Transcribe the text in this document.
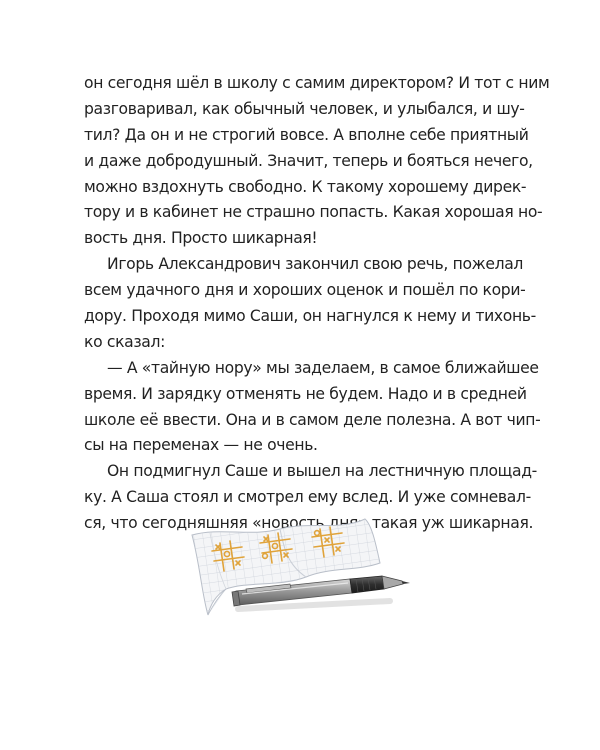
он сегодня шёл в школу с самим директором? И тот с ним
разговаривал, как обычный человек, и улыбался, и шу-
тил? Да он и не строгий вовсе. А вполне себе приятный
и даже добродушный. Значит, теперь и бояться нечего,
можно вздохнуть свободно. К такому хорошему дирек-
тору и в кабинет не страшно попасть. Какая хорошая но-
вость дня. Просто шикарная!
Игорь Александрович закончил свою речь, пожелал
всем удачного дня и хороших оценок и пошёл по кори-
дору. Проходя мимо Саши, он нагнулся к нему и тихонь-
ко сказал:
— А «тайную нору» мы заделаем, в самое ближайшее
время. И зарядку отменять не будем. Надо и в средней
школе её ввести. Она и в самом деле полезна. А вот чип-
сы на переменах — не очень.
Он подмигнул Саше и вышел на лестничную площад-
ку. А Саша стоял и смотрел ему вслед. И уже сомневал-
ся, что сегодняшняя «новость дня» такая уж шикарная.
